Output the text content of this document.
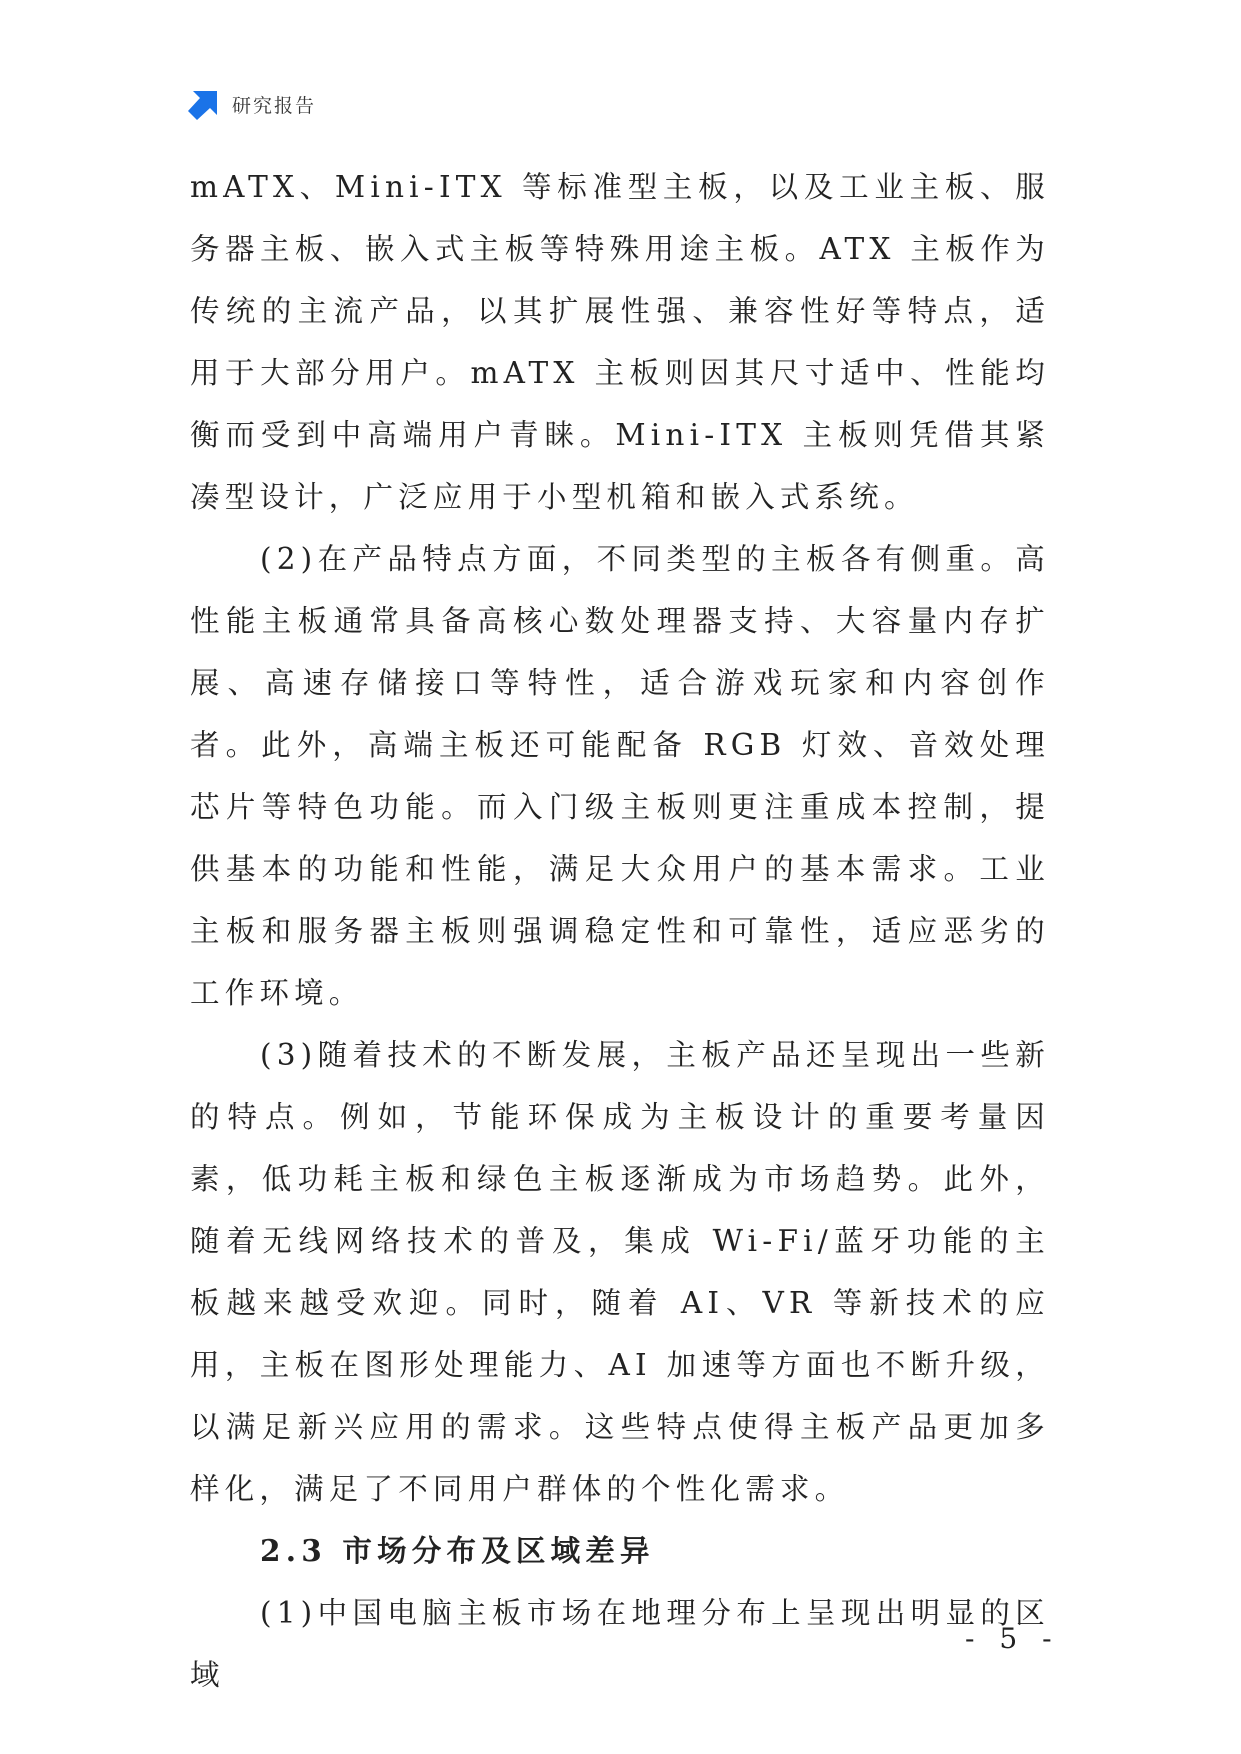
研究报告

mATX、Mini-ITX 等标准型主板，以及工业主板、服务器主板、嵌入式主板等特殊用途主板。ATX 主板作为传统的主流产品，以其扩展性强、兼容性好等特点，适用于大部分用户。mATX 主板则因其尺寸适中、性能均衡而受到中高端用户青睐。Mini-ITX 主板则凭借其紧凑型设计，广泛应用于小型机箱和嵌入式系统。

(2)在产品特点方面，不同类型的主板各有侧重。高性能主板通常具备高核心数处理器支持、大容量内存扩展、高速存储接口等特性，适合游戏玩家和内容创作者。此外，高端主板还可能配备 RGB 灯效、音效处理芯片等特色功能。而入门级主板则更注重成本控制，提供基本的功能和性能，满足大众用户的基本需求。工业主板和服务器主板则强调稳定性和可靠性，适应恶劣的工作环境。

(3)随着技术的不断发展，主板产品还呈现出一些新的特点。例如，节能环保成为主板设计的重要考量因素，低功耗主板和绿色主板逐渐成为市场趋势。此外，随着无线网络技术的普及，集成 Wi-Fi/蓝牙功能的主板越来越受欢迎。同时，随着 AI、VR 等新技术的应用，主板在图形处理能力、AI 加速等方面也不断升级，以满足新兴应用的需求。这些特点使得主板产品更加多样化，满足了不同用户群体的个性化需求。

2.3 市场分布及区域差异

(1)中国电脑主板市场在地理分布上呈现出明显的区域

- 5 -
